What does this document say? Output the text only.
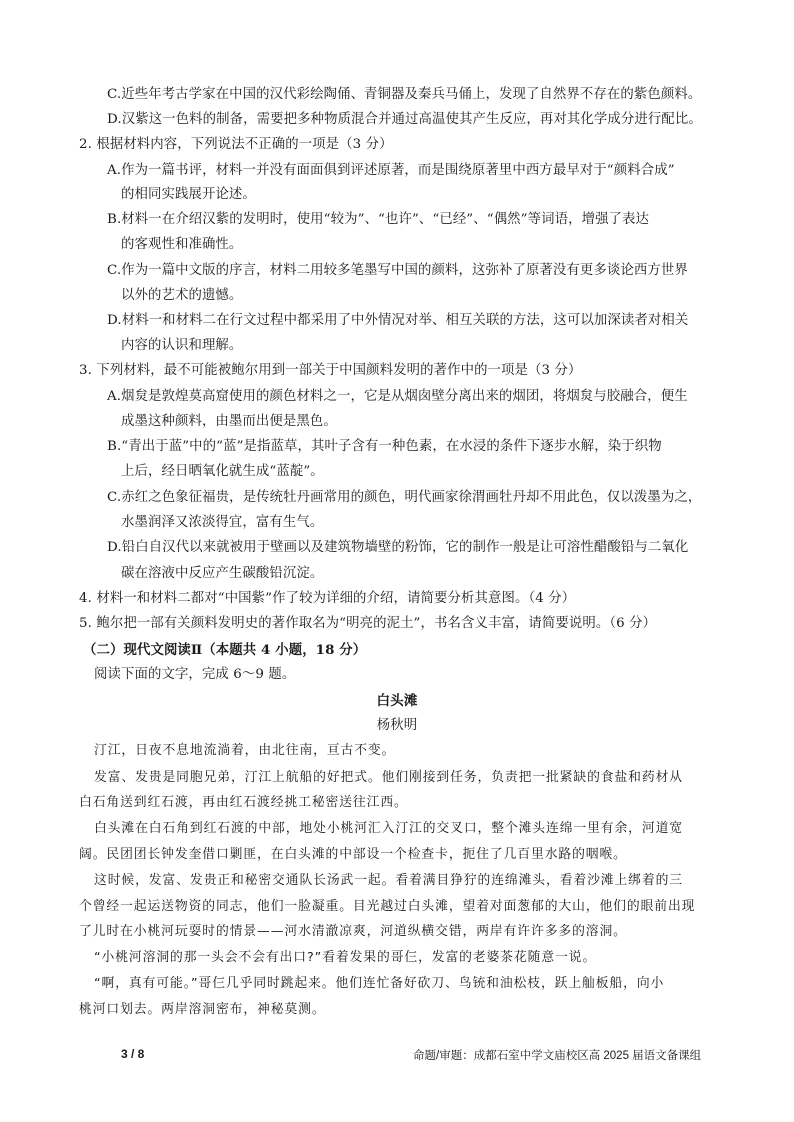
C.近些年考古学家在中国的汉代彩绘陶俑、青铜器及秦兵马俑上，发现了自然界不存在的紫色颜料。
D.汉紫这一色料的制备，需要把多种物质混合并通过高温使其产生反应，再对其化学成分进行配比。
2. 根据材料内容，下列说法不正确的一项是（3 分）
A.作为一篇书评，材料一并没有面面俱到评述原著，而是围绕原著里中西方最早对于“颜料合成”
的相同实践展开论述。
B.材料一在介绍汉紫的发明时，使用“较为”、“也许”、“已经”、“偶然”等词语，增强了表达
的客观性和准确性。
C.作为一篇中文版的序言，材料二用较多笔墨写中国的颜料，这弥补了原著没有更多谈论西方世界
以外的艺术的遗憾。
D.材料一和材料二在行文过程中都采用了中外情况对举、相互关联的方法，这可以加深读者对相关
内容的认识和理解。
3. 下列材料，最不可能被鲍尔用到一部关于中国颜料发明的著作中的一项是（3 分）
A.烟炱是敦煌莫高窟使用的颜色材料之一，它是从烟囱壁分离出来的烟团，将烟炱与胶融合，便生
成墨这种颜料，由墨而出便是黑色。
B.“青出于蓝”中的“蓝”是指蓝草，其叶子含有一种色素，在水浸的条件下逐步水解，染于织物
上后，经日晒氧化就生成“蓝靛”。
C.赤红之色象征福贵，是传统牡丹画常用的颜色，明代画家徐渭画牡丹却不用此色，仅以泼墨为之，
水墨润泽又浓淡得宜，富有生气。
D.铅白自汉代以来就被用于壁画以及建筑物墙壁的粉饰，它的制作一般是让可溶性醋酸铅与二氧化
碳在溶液中反应产生碳酸铅沉淀。
4. 材料一和材料二都对“中国紫”作了较为详细的介绍，请简要分析其意图。（4 分）
5. 鲍尔把一部有关颜料发明史的著作取名为“明亮的泥土”，书名含义丰富，请简要说明。（6 分）
（二）现代文阅读Ⅱ（本题共 4 小题，18 分）
阅读下面的文字，完成 6～9 题。
白头滩
杨秋明
汀江，日夜不息地流淌着，由北往南，亘古不变。
发富、发贵是同胞兄弟，汀江上航船的好把式。他们刚接到任务，负责把一批紧缺的食盐和药材从
白石角送到红石渡，再由红石渡经挑工秘密送往江西。
白头滩在白石角到红石渡的中部，地处小桃河汇入汀江的交叉口，整个滩头连绵一里有余，河道宽
阔。民团团长钟发奎借口剿匪，在白头滩的中部设一个检查卡，扼住了几百里水路的咽喉。
这时候，发富、发贵正和秘密交通队长汤武一起。看着满目狰狞的连绵滩头，看着沙滩上绑着的三
个曾经一起运送物资的同志，他们一脸凝重。目光越过白头滩，望着对面葱郁的大山，他们的眼前出现
了儿时在小桃河玩耍时的情景——河水清澈凉爽，河道纵横交错，两岸有许许多多的溶洞。
“小桃河溶洞的那一头会不会有出口?”看着发果的哥仨，发富的老婆茶花随意一说。
“啊，真有可能。”哥仨几乎同时跳起来。他们连忙备好砍刀、鸟铳和油松枝，跃上舢板船，向小
桃河口划去。两岸溶洞密布，神秘莫测。
3 / 8	命题/审题：成都石室中学文庙校区高 2025 届语文备课组
